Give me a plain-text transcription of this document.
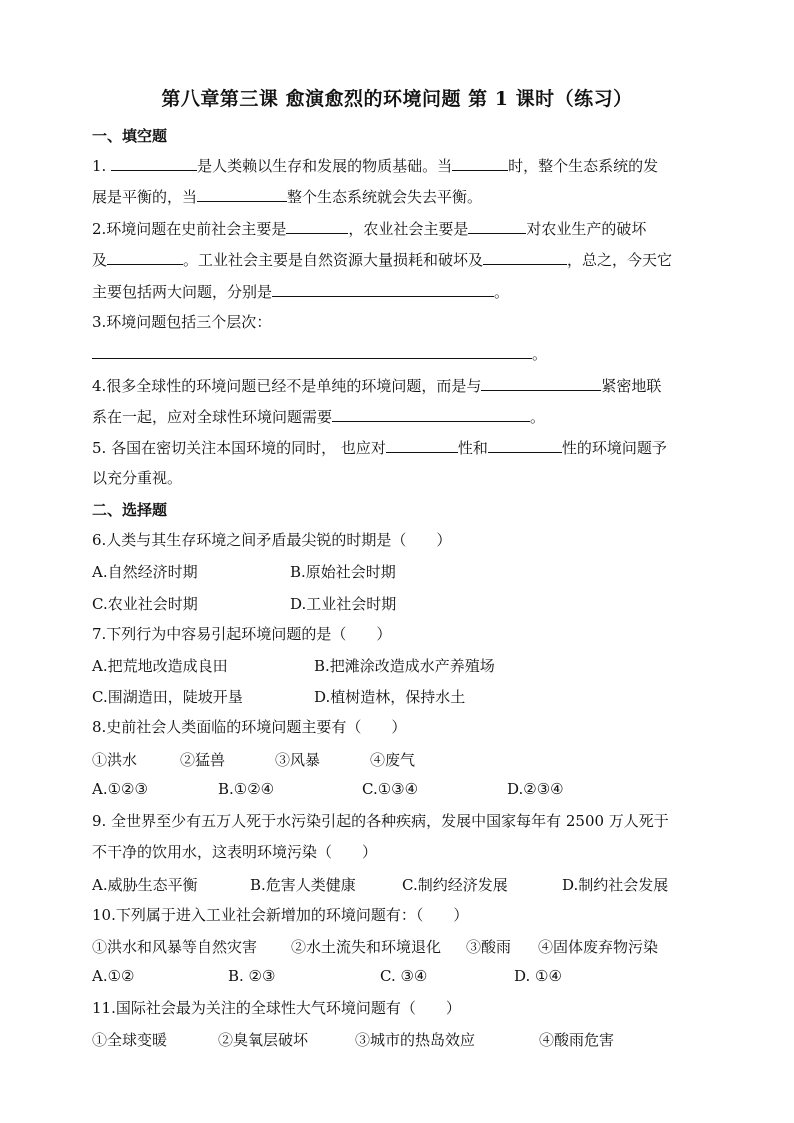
第八章第三课 愈演愈烈的环境问题 第 1 课时（练习）
一、填空题
1.	是人类赖以生存和发展的物质基础。当	时，整个生态系统的发
展是平衡的，当	整个生态系统就会失去平衡。
2.环境问题在史前社会主要是	，农业社会主要是	对农业生产的破坏
及	。工业社会主要是自然资源大量损耗和破坏及	，总之，今天它
主要包括两大问题，分别是	。
3.环境问题包括三个层次：
。
4.很多全球性的环境问题已经不是单纯的环境问题，而是与	紧密地联
系在一起，应对全球性环境问题需要	。
5. 各国在密切关注本国环境的同时， 也应对	性和	性的环境问题予
以充分重视。
二、选择题
6.人类与其生存环境之间矛盾最尖锐的时期是（　　）
A.自然经济时期	B.原始社会时期
C.农业社会时期	D.工业社会时期
7.下列行为中容易引起环境问题的是（　　）
A.把荒地改造成良田	B.把滩涂改造成水产养殖场
C.围湖造田，陡坡开垦	D.植树造林，保持水土
8.史前社会人类面临的环境问题主要有（　　）
①洪水	②猛兽	③风暴	④废气
A.①②③	B.①②④	C.①③④	D.②③④
9. 全世界至少有五万人死于水污染引起的各种疾病，发展中国家每年有 2500 万人死于
不干净的饮用水，这表明环境污染（　　）
A.威胁生态平衡	B.危害人类健康	C.制约经济发展	D.制约社会发展
10.下列属于进入工业社会新增加的环境问题有：（　　）
①洪水和风暴等自然灾害 ②水土流失和环境退化 ③酸雨 ④固体废弃物污染
A.①②	B. ②③	C. ③④	D. ①④
11.国际社会最为关注的全球性大气环境问题有（　　）
①全球变暖	②臭氧层破坏	③城市的热岛效应	④酸雨危害
